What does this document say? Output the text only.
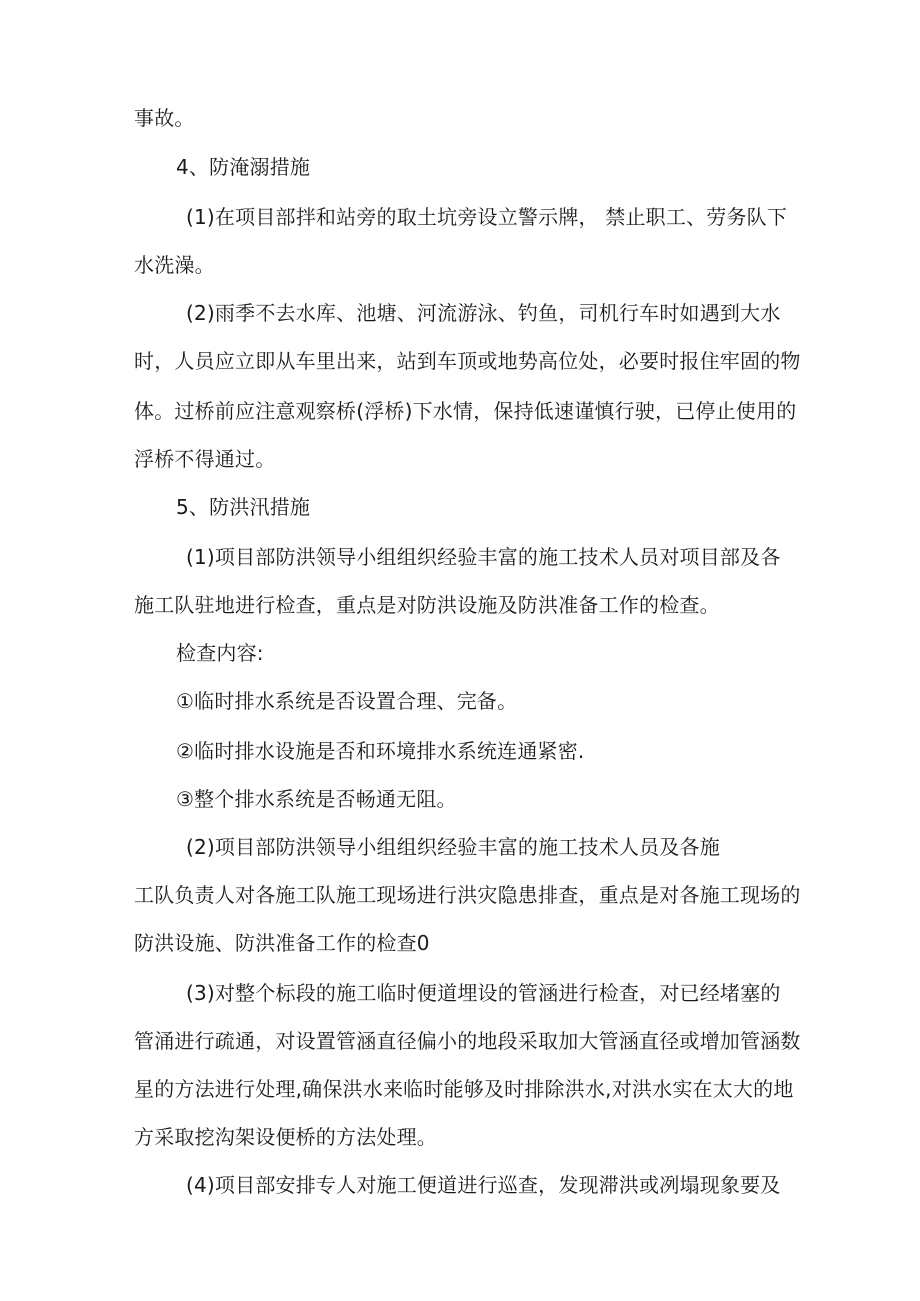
事故。
4、防淹溺措施
(1)在项目部拌和站旁的取土坑旁设立警示牌， 禁止职工、劳务队下
水洗澡。
(2)雨季不去水库、池塘、河流游泳、钓鱼，司机行车时如遇到大水
时，人员应立即从车里出来，站到车顶或地势高位处，必要时报住牢固的物
体。过桥前应注意观察桥(浮桥)下水情，保持低速谨慎行驶，已停止使用的
浮桥不得通过。
5、防洪汛措施
(1)项目部防洪领导小组组织经验丰富的施工技术人员对项目部及各
施工队驻地进行检查，重点是对防洪设施及防洪准备工作的检查。
检查内容:
①临时排水系统是否设置合理、完备。
②临时排水设施是否和环境排水系统连通紧密.
③整个排水系统是否畅通无阻。
(2)项目部防洪领导小组组织经验丰富的施工技术人员及各施
工队负责人对各施工队施工现场进行洪灾隐患排查，重点是对各施工现场的
防洪设施、防洪准备工作的检查0
(3)对整个标段的施工临时便道埋设的管涵进行检查，对已经堵塞的
管涌进行疏通，对设置管涵直径偏小的地段采取加大管涵直径或增加管涵数
星的方法进行处理,确保洪水来临时能够及时排除洪水,对洪水实在太大的地
方采取挖沟架设便桥的方法处理。
(4)项目部安排专人对施工便道进行巡查，发现滞洪或冽塌现象要及
